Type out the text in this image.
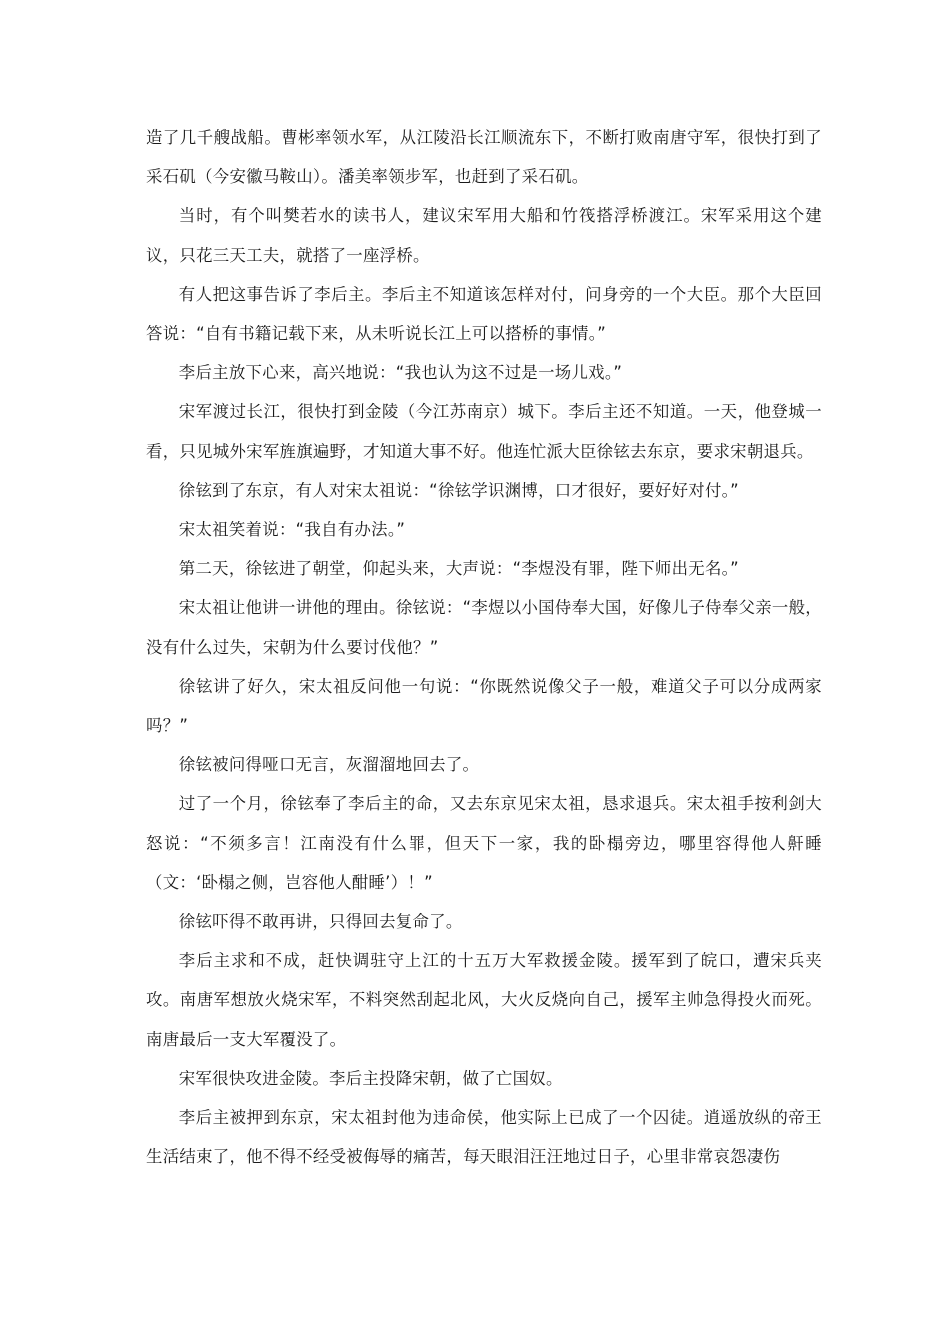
造了几千艘战船。曹彬率领水军，从江陵沿长江顺流东下，不断打败南唐守军，很快打到了采石矶（今安徽马鞍山）。潘美率领步军，也赶到了采石矶。

当时，有个叫樊若水的读书人，建议宋军用大船和竹筏搭浮桥渡江。宋军采用这个建议，只花三天工夫，就搭了一座浮桥。

有人把这事告诉了李后主。李后主不知道该怎样对付，问身旁的一个大臣。那个大臣回答说：“自有书籍记载下来，从未听说长江上可以搭桥的事情。”

李后主放下心来，高兴地说：“我也认为这不过是一场儿戏。”

宋军渡过长江，很快打到金陵（今江苏南京）城下。李后主还不知道。一天，他登城一看，只见城外宋军旌旗遍野，才知道大事不好。他连忙派大臣徐铉去东京，要求宋朝退兵。

徐铉到了东京，有人对宋太祖说：“徐铉学识渊博，口才很好，要好好对付。”

宋太祖笑着说：“我自有办法。”

第二天，徐铉进了朝堂，仰起头来，大声说：“李煜没有罪，陛下师出无名。”

宋太祖让他讲一讲他的理由。徐铉说：“李煜以小国侍奉大国，好像儿子侍奉父亲一般，没有什么过失，宋朝为什么要讨伐他？”

徐铉讲了好久，宋太祖反问他一句说：“你既然说像父子一般，难道父子可以分成两家吗？”

徐铉被问得哑口无言，灰溜溜地回去了。

过了一个月，徐铉奉了李后主的命，又去东京见宋太祖，恳求退兵。宋太祖手按利剑大怒说：“不须多言！江南没有什么罪，但天下一家，我的卧榻旁边，哪里容得他人鼾睡（文：‘卧榻之侧，岂容他人酣睡’）！”

徐铉吓得不敢再讲，只得回去复命了。

李后主求和不成，赶快调驻守上江的十五万大军救援金陵。援军到了皖口，遭宋兵夹攻。南唐军想放火烧宋军，不料突然刮起北风，大火反烧向自己，援军主帅急得投火而死。南唐最后一支大军覆没了。

宋军很快攻进金陵。李后主投降宋朝，做了亡国奴。

李后主被押到东京，宋太祖封他为违命侯，他实际上已成了一个囚徒。逍遥放纵的帝王生活结束了，他不得不经受被侮辱的痛苦，每天眼泪汪汪地过日子，心里非常哀怨凄伤
